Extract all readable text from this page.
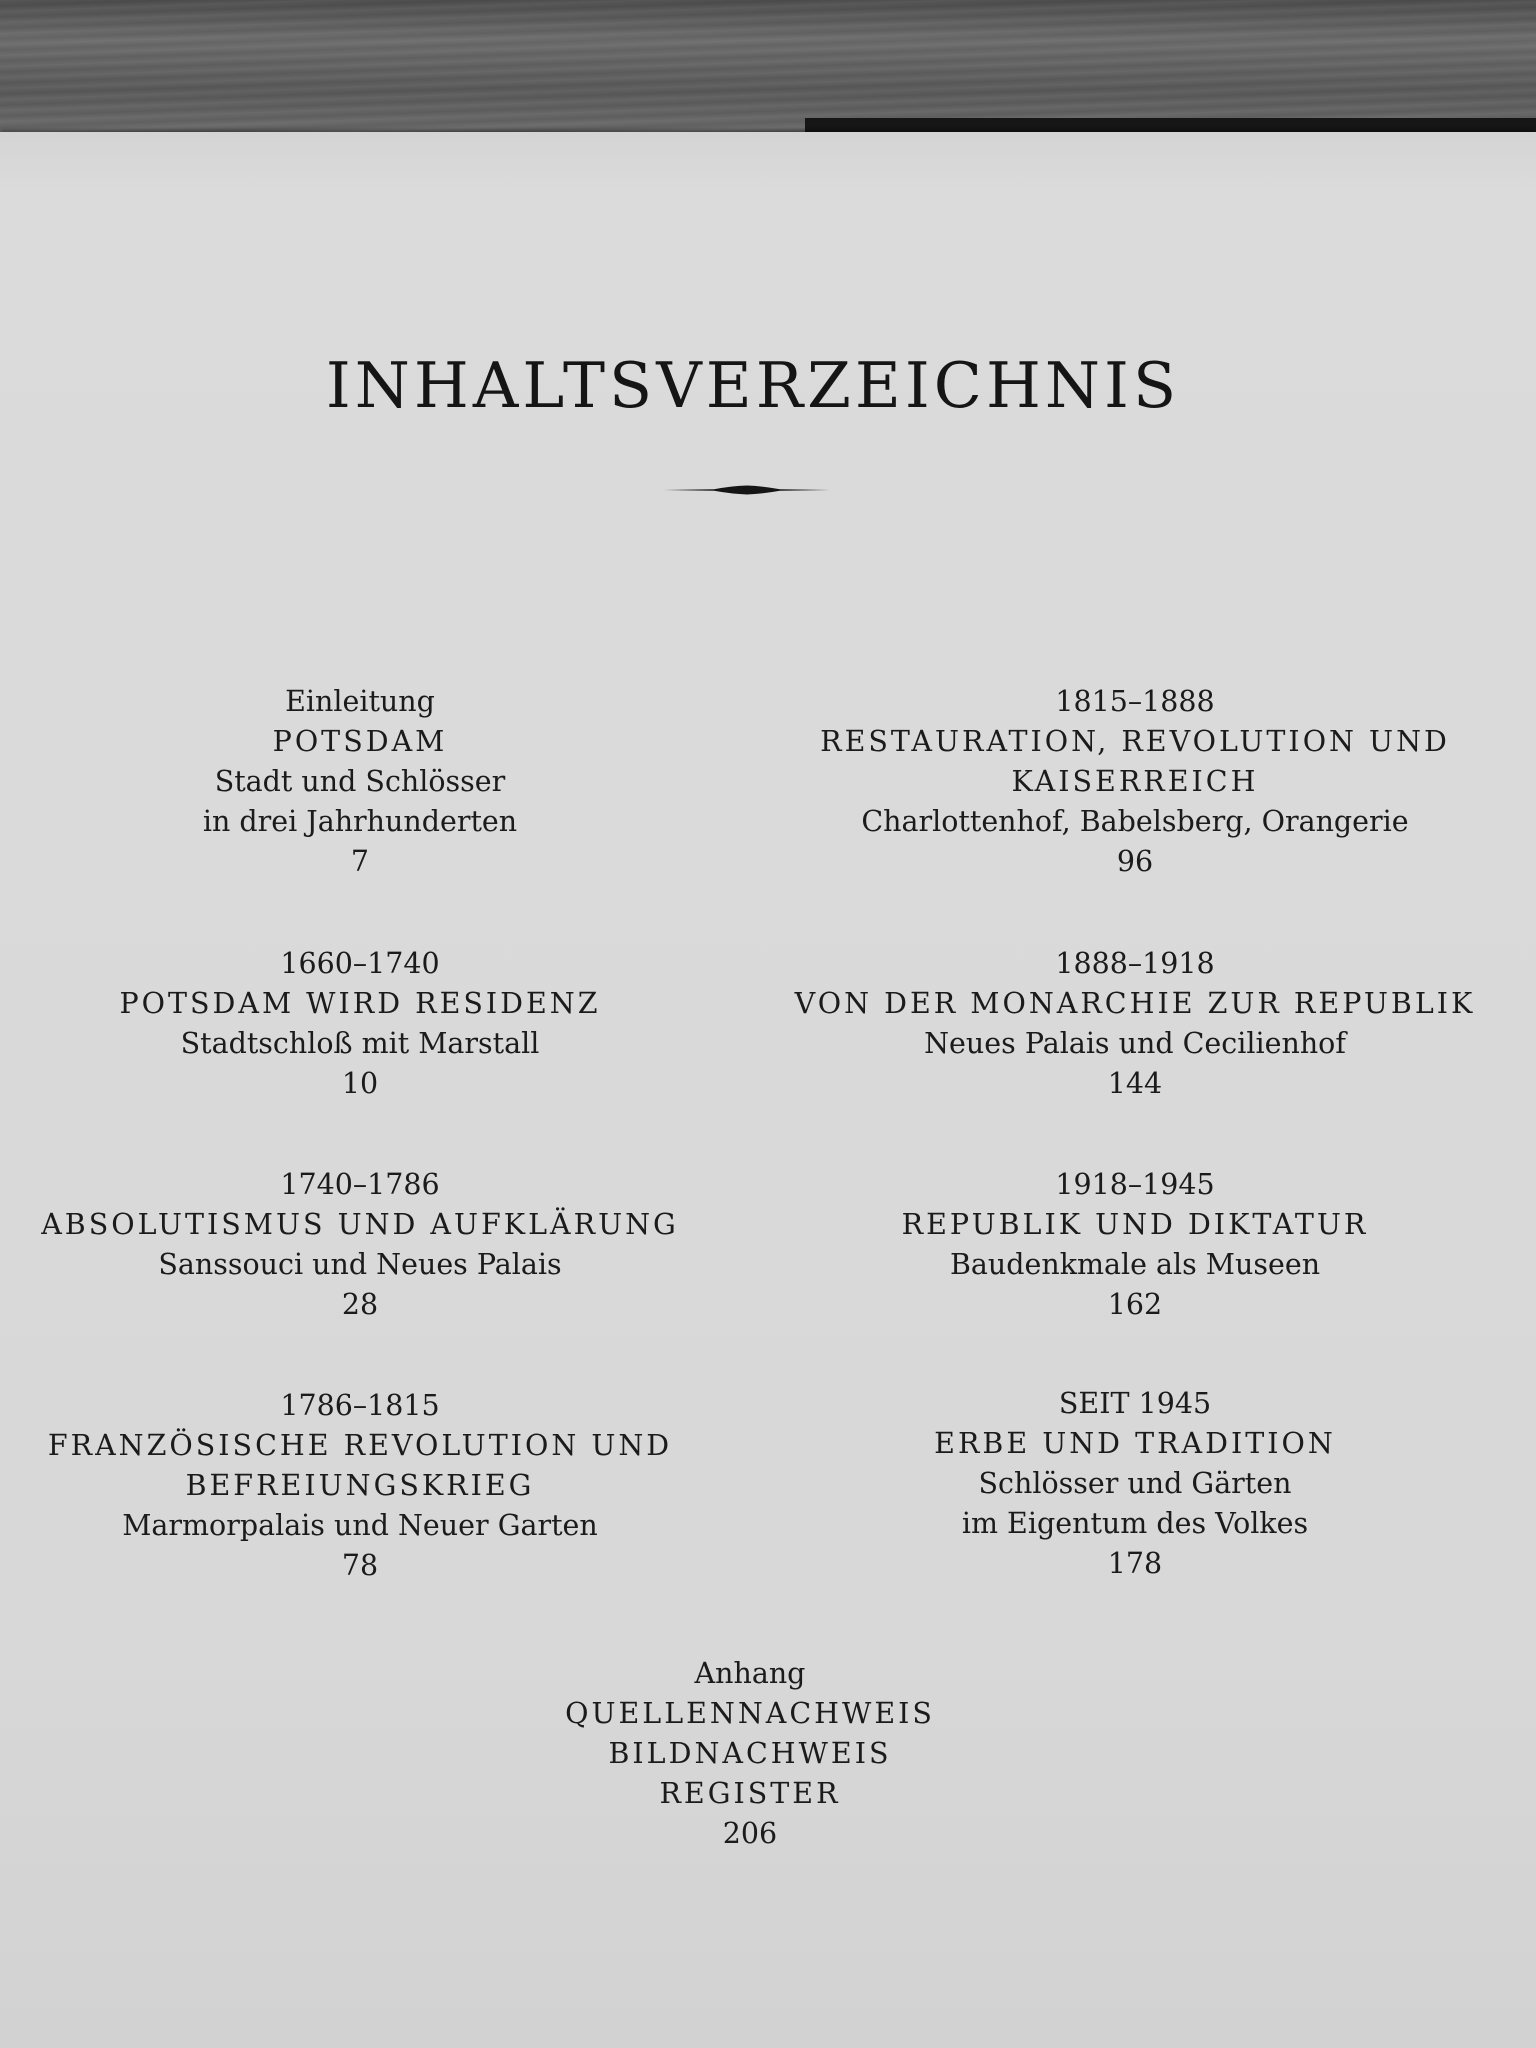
INHALTSVERZEICHNIS
Einleitung
POTSDAM
Stadt und Schlösser
in drei Jahrhunderten
7
1660–1740
POTSDAM WIRD RESIDENZ
Stadtschloß mit Marstall
10
1740–1786
ABSOLUTISMUS UND AUFKLÄRUNG
Sanssouci und Neues Palais
28
1786–1815
FRANZÖSISCHE REVOLUTION UND
BEFREIUNGSKRIEG
Marmorpalais und Neuer Garten
78
1815–1888
RESTAURATION, REVOLUTION UND
KAISERREICH
Charlottenhof, Babelsberg, Orangerie
96
1888–1918
VON DER MONARCHIE ZUR REPUBLIK
Neues Palais und Cecilienhof
144
1918–1945
REPUBLIK UND DIKTATUR
Baudenkmale als Museen
162
SEIT 1945
ERBE UND TRADITION
Schlösser und Gärten
im Eigentum des Volkes
178
Anhang
QUELLENNACHWEIS
BILDNACHWEIS
REGISTER
206
